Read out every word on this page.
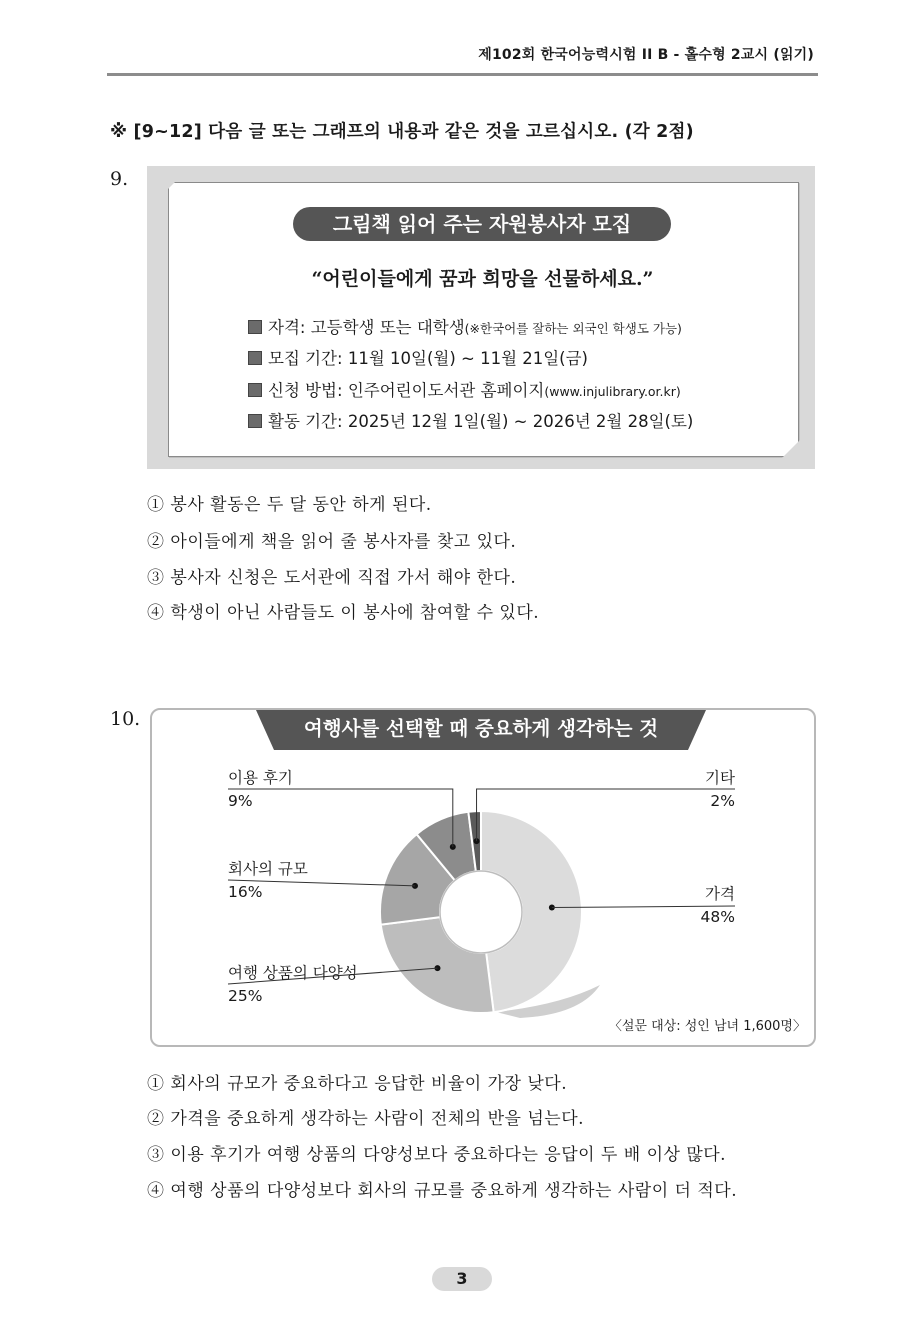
제102회 한국어능력시험 II B - 홀수형 2교시 (읽기)
※ [9~12] 다음 글 또는 그래프의 내용과 같은 것을 고르십시오. (각 2점)
9.
그림책 읽어 주는 자원봉사자 모집
“어린이들에게 꿈과 희망을 선물하세요.”
자격: 고등학생 또는 대학생(※한국어를 잘하는 외국인 학생도 가능)
모집 기간: 11월 10일(월) ~ 11월 21일(금)
신청 방법: 인주어린이도서관 홈페이지(www.injulibrary.or.kr)
활동 기간: 2025년 12월 1일(월) ~ 2026년 2월 28일(토)
① 봉사 활동은 두 달 동안 하게 된다.
② 아이들에게 책을 읽어 줄 봉사자를 찾고 있다.
③ 봉사자 신청은 도서관에 직접 가서 해야 한다.
④ 학생이 아닌 사람들도 이 봉사에 참여할 수 있다.
10.	여행사를 선택할 때 중요하게 생각하는 것
이용 후기
9%
기타
2%
회사의 규모
16%	가격
48%
여행 상품의 다양성
25%
〈설문 대상: 성인 남녀 1,600명〉
① 회사의 규모가 중요하다고 응답한 비율이 가장 낮다.
② 가격을 중요하게 생각하는 사람이 전체의 반을 넘는다.
③ 이용 후기가 여행 상품의 다양성보다 중요하다는 응답이 두 배 이상 많다.
④ 여행 상품의 다양성보다 회사의 규모를 중요하게 생각하는 사람이 더 적다.
3
